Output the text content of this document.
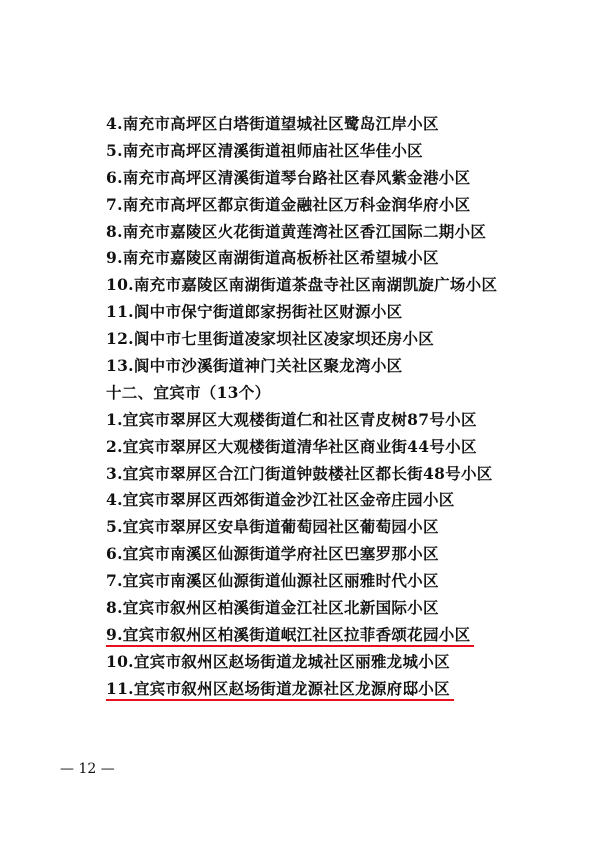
4.南充市高坪区白塔街道望城社区鹭岛江岸小区
5.南充市高坪区清溪街道祖师庙社区华佳小区
6.南充市高坪区清溪街道琴台路社区春风紫金港小区
7.南充市高坪区都京街道金融社区万科金润华府小区
8.南充市嘉陵区火花街道黄莲湾社区香江国际二期小区
9.南充市嘉陵区南湖街道高板桥社区希望城小区
10.南充市嘉陵区南湖街道茶盘寺社区南湖凯旋广场小区
11.阆中市保宁街道郎家拐街社区财源小区
12.阆中市七里街道凌家坝社区凌家坝还房小区
13.阆中市沙溪街道神门关社区聚龙湾小区
十二、宜宾市（13个）
1.宜宾市翠屏区大观楼街道仁和社区青皮树87号小区
2.宜宾市翠屏区大观楼街道清华社区商业街44号小区
3.宜宾市翠屏区合江门街道钟鼓楼社区都长街48号小区
4.宜宾市翠屏区西郊街道金沙江社区金帝庄园小区
5.宜宾市翠屏区安阜街道葡萄园社区葡萄园小区
6.宜宾市南溪区仙源街道学府社区巴塞罗那小区
7.宜宾市南溪区仙源街道仙源社区丽雅时代小区
8.宜宾市叙州区柏溪街道金江社区北新国际小区
9.宜宾市叙州区柏溪街道岷江社区拉菲香颂花园小区
10.宜宾市叙州区赵场街道龙城社区丽雅龙城小区
11.宜宾市叙州区赵场街道龙源社区龙源府邸小区
— 12 —
